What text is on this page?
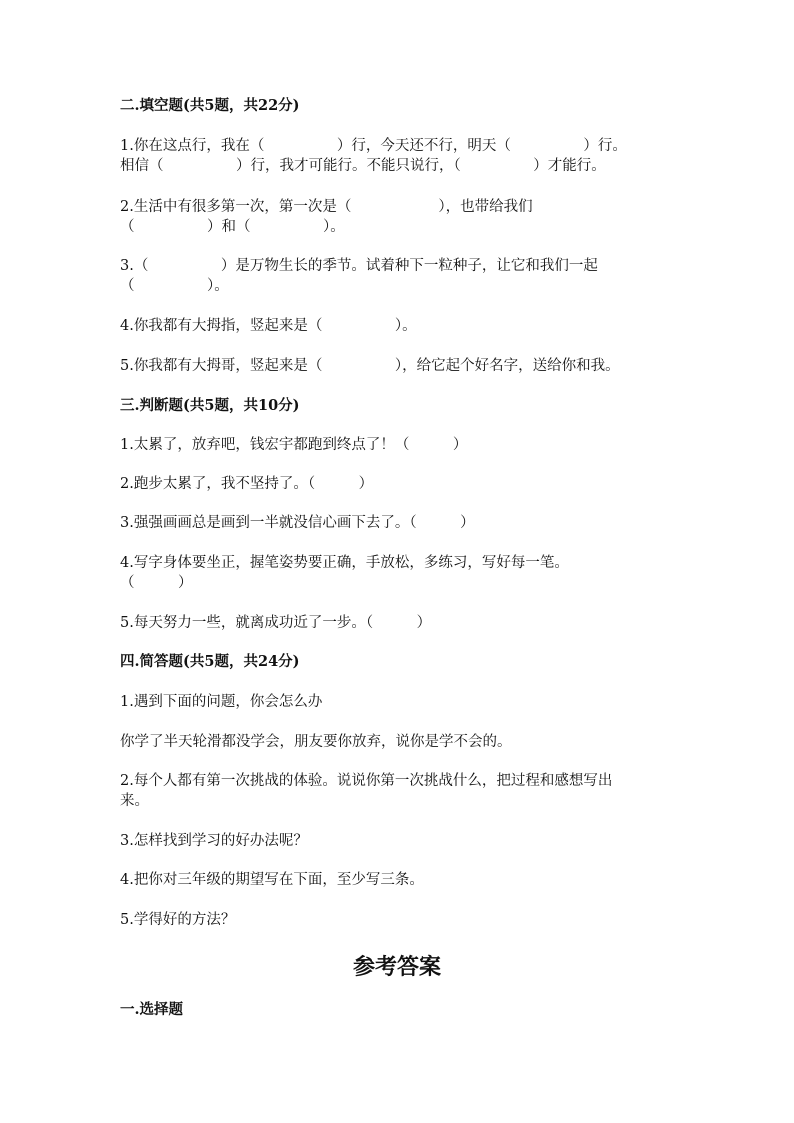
二.填空题(共5题，共22分)
1.你在这点行，我在（　　　　　）行，今天还不行，明天（　　　　　）行。
相信（　　　　　）行，我才可能行。不能只说行，（　　　　　）才能行。
2.生活中有很多第一次，第一次是（　　　　　　），也带给我们
（　　　　　）和（　　　　　）。
3.（　　　　　）是万物生长的季节。试着种下一粒种子，让它和我们一起
（　　　　　）。
4.你我都有大拇指，竖起来是（　　　　　）。
5.你我都有大拇哥，竖起来是（　　　　　），给它起个好名字，送给你和我。
三.判断题(共5题，共10分)
1.太累了，放弃吧，钱宏宇都跑到终点了！（　　　）
2.跑步太累了，我不坚持了。（　　　）
3.强强画画总是画到一半就没信心画下去了。（　　　）
4.写字身体要坐正，握笔姿势要正确，手放松，多练习，写好每一笔。
（　　　）
5.每天努力一些，就离成功近了一步。（　　　）
四.简答题(共5题，共24分)
1.遇到下面的问题，你会怎么办
你学了半天轮滑都没学会，朋友要你放弃，说你是学不会的。
2.每个人都有第一次挑战的体验。说说你第一次挑战什么，把过程和感想写出
来。
3.怎样找到学习的好办法呢？
4.把你对三年级的期望写在下面，至少写三条。
5.学得好的方法？
参考答案
一.选择题
